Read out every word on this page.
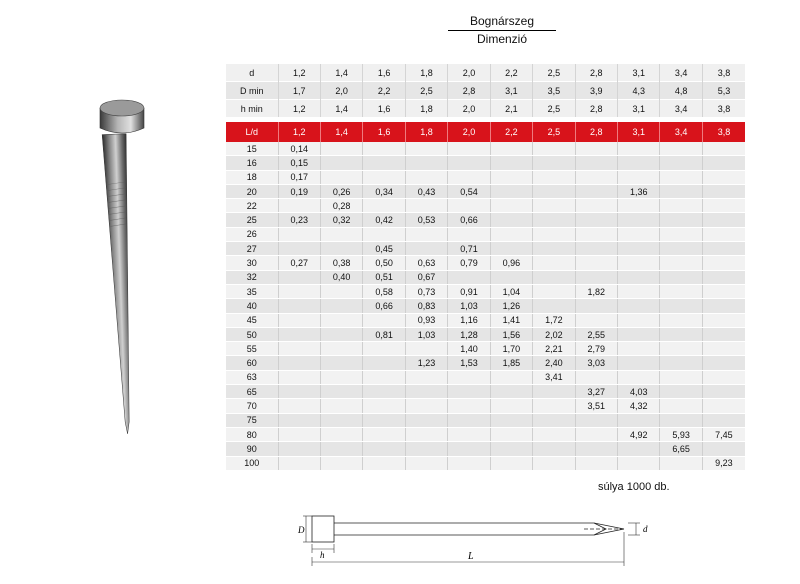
Bognárszeg
Dimenzió
d	1,2	1,4	1,6	1,8	2,0	2,2	2,5	2,8	3,1	3,4	3,8
D min	1,7	2,0	2,2	2,5	2,8	3,1	3,5	3,9	4,3	4,8	5,3
h min	1,2	1,4	1,6	1,8	2,0	2,1	2,5	2,8	3,1	3,4	3,8
L/d	1,2	1,4	1,6	1,8	2,0	2,2	2,5	2,8	3,1	3,4	3,8
15	0,14										
16	0,15										
18	0,17										
20	0,19	0,26	0,34	0,43	0,54				1,36		
22		0,28									
25	0,23	0,32	0,42	0,53	0,66						
26											
27			0,45		0,71						
30	0,27	0,38	0,50	0,63	0,79	0,96					
32		0,40	0,51	0,67							
35			0,58	0,73	0,91	1,04		1,82			
40			0,66	0,83	1,03	1,26					
45				0,93	1,16	1,41	1,72				
50			0,81	1,03	1,28	1,56	2,02	2,55			
55					1,40	1,70	2,21	2,79			
60				1,23	1,53	1,85	2,40	3,03			
63							3,41				
65								3,27	4,03		
70								3,51	4,32		
75											
80									4,92	5,93	7,45
90										6,65	
100											9,23
súlya 1000 db.
D
h	L
d
